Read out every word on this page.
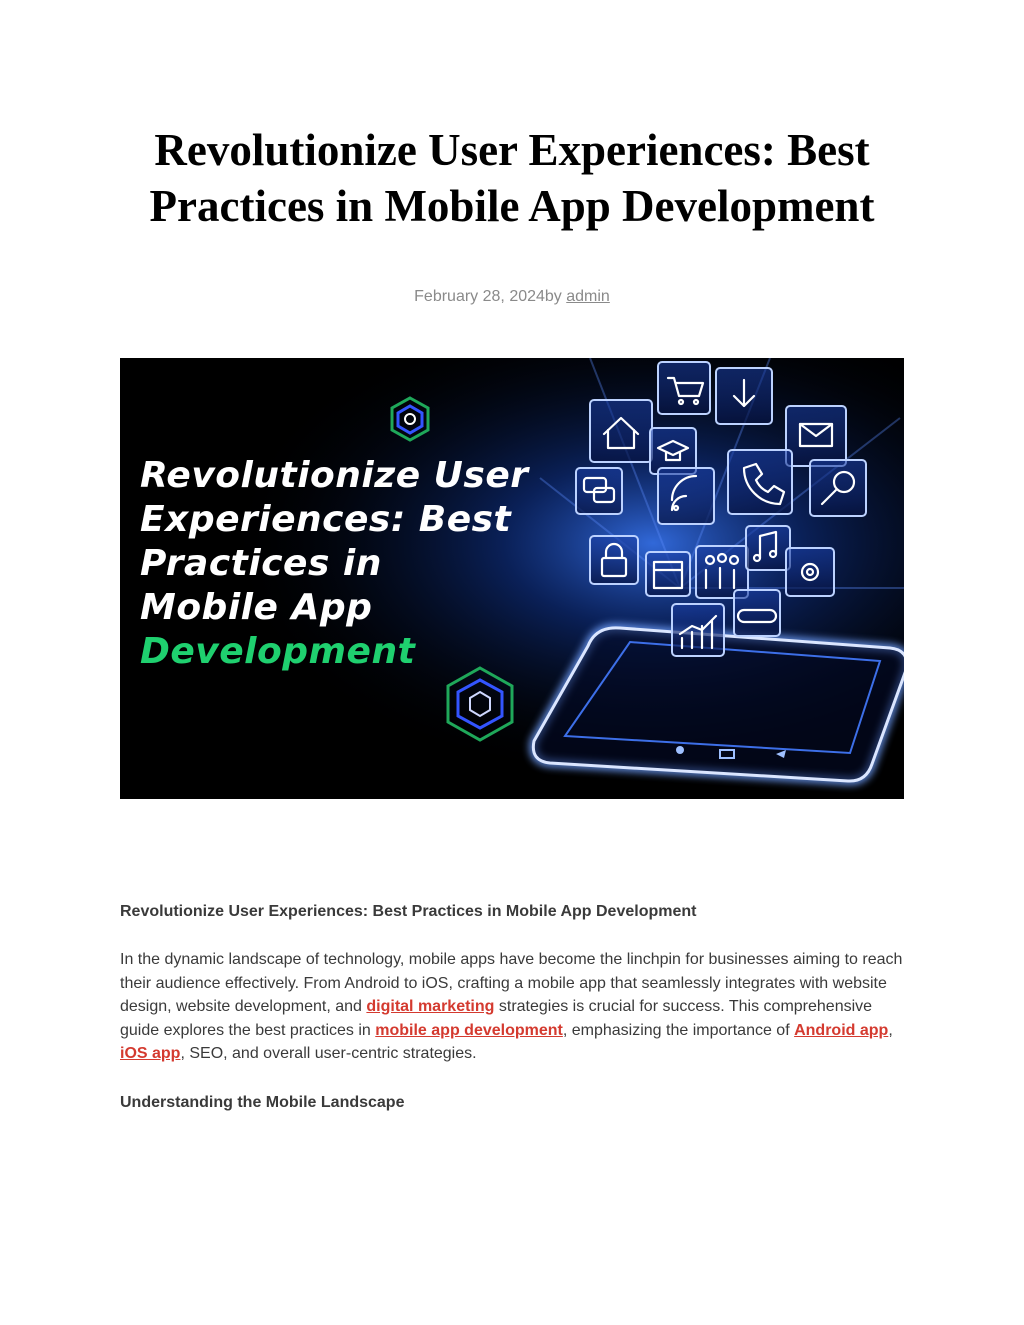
Revolutionize User Experiences: Best Practices in Mobile App Development
February 28, 2024by admin
Revolutionize User
Experiences: Best
Practices in
Mobile App
Development
Revolutionize User Experiences: Best Practices in Mobile App Development

In the dynamic landscape of technology, mobile apps have become the linchpin for businesses aiming to reach their audience effectively. From Android to iOS, crafting a mobile app that seamlessly integrates with website design, website development, and digital marketing strategies is crucial for success. This comprehensive guide explores the best practices in mobile app development, emphasizing the importance of Android app, iOS app, SEO, and overall user-centric strategies.

Understanding the Mobile Landscape
